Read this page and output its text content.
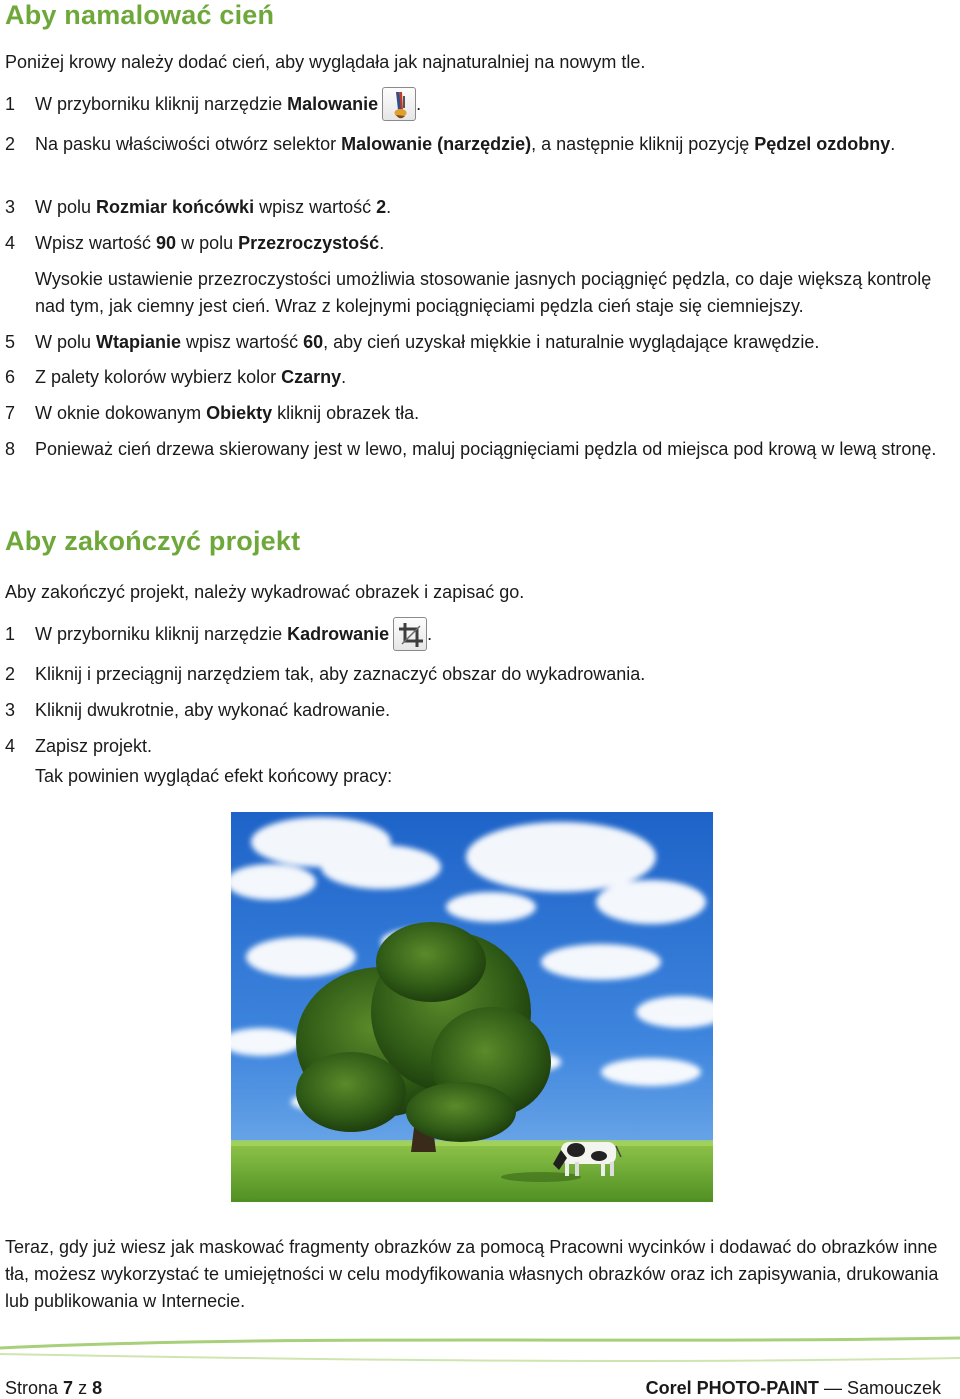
Aby namalować cień

Poniżej krowy należy dodać cień, aby wyglądała jak najnaturalniej na nowym tle.

1	W przyborniku kliknij narzędzie Malowanie .
2	Na pasku właściwości otwórz selektor Malowanie (narzędzie), a następnie kliknij pozycję Pędzel ozdobny.
3	W polu Rozmiar końcówki wpisz wartość 2.
4	Wpisz wartość 90 w polu Przezroczystość.
Wysokie ustawienie przezroczystości umożliwia stosowanie jasnych pociągnięć pędzla, co daje większą kontrolę nad tym, jak ciemny jest cień. Wraz z kolejnymi pociągnięciami pędzla cień staje się ciemniejszy.
5	W polu Wtapianie wpisz wartość 60, aby cień uzyskał miękkie i naturalnie wyglądające krawędzie.
6	Z palety kolorów wybierz kolor Czarny.
7	W oknie dokowanym Obiekty kliknij obrazek tła.
8	Ponieważ cień drzewa skierowany jest w lewo, maluj pociągnięciami pędzla od miejsca pod krową w lewą stronę.
Aby zakończyć projekt

Aby zakończyć projekt, należy wykadrować obrazek i zapisać go.

1	W przyborniku kliknij narzędzie Kadrowanie .
2	Kliknij i przeciągnij narzędziem tak, aby zaznaczyć obszar do wykadrowania.
3	Kliknij dwukrotnie, aby wykonać kadrowanie.
4	Zapisz projekt.
Tak powinien wyglądać efekt końcowy pracy:

Teraz, gdy już wiesz jak maskować fragmenty obrazków za pomocą Pracowni wycinków i dodawać do obrazków inne tła, możesz wykorzystać te umiejętności w celu modyfikowania własnych obrazków oraz ich zapisywania, drukowania lub publikowania w Internecie.

Strona 7 z 8	Corel PHOTO-PAINT — Samouczek
